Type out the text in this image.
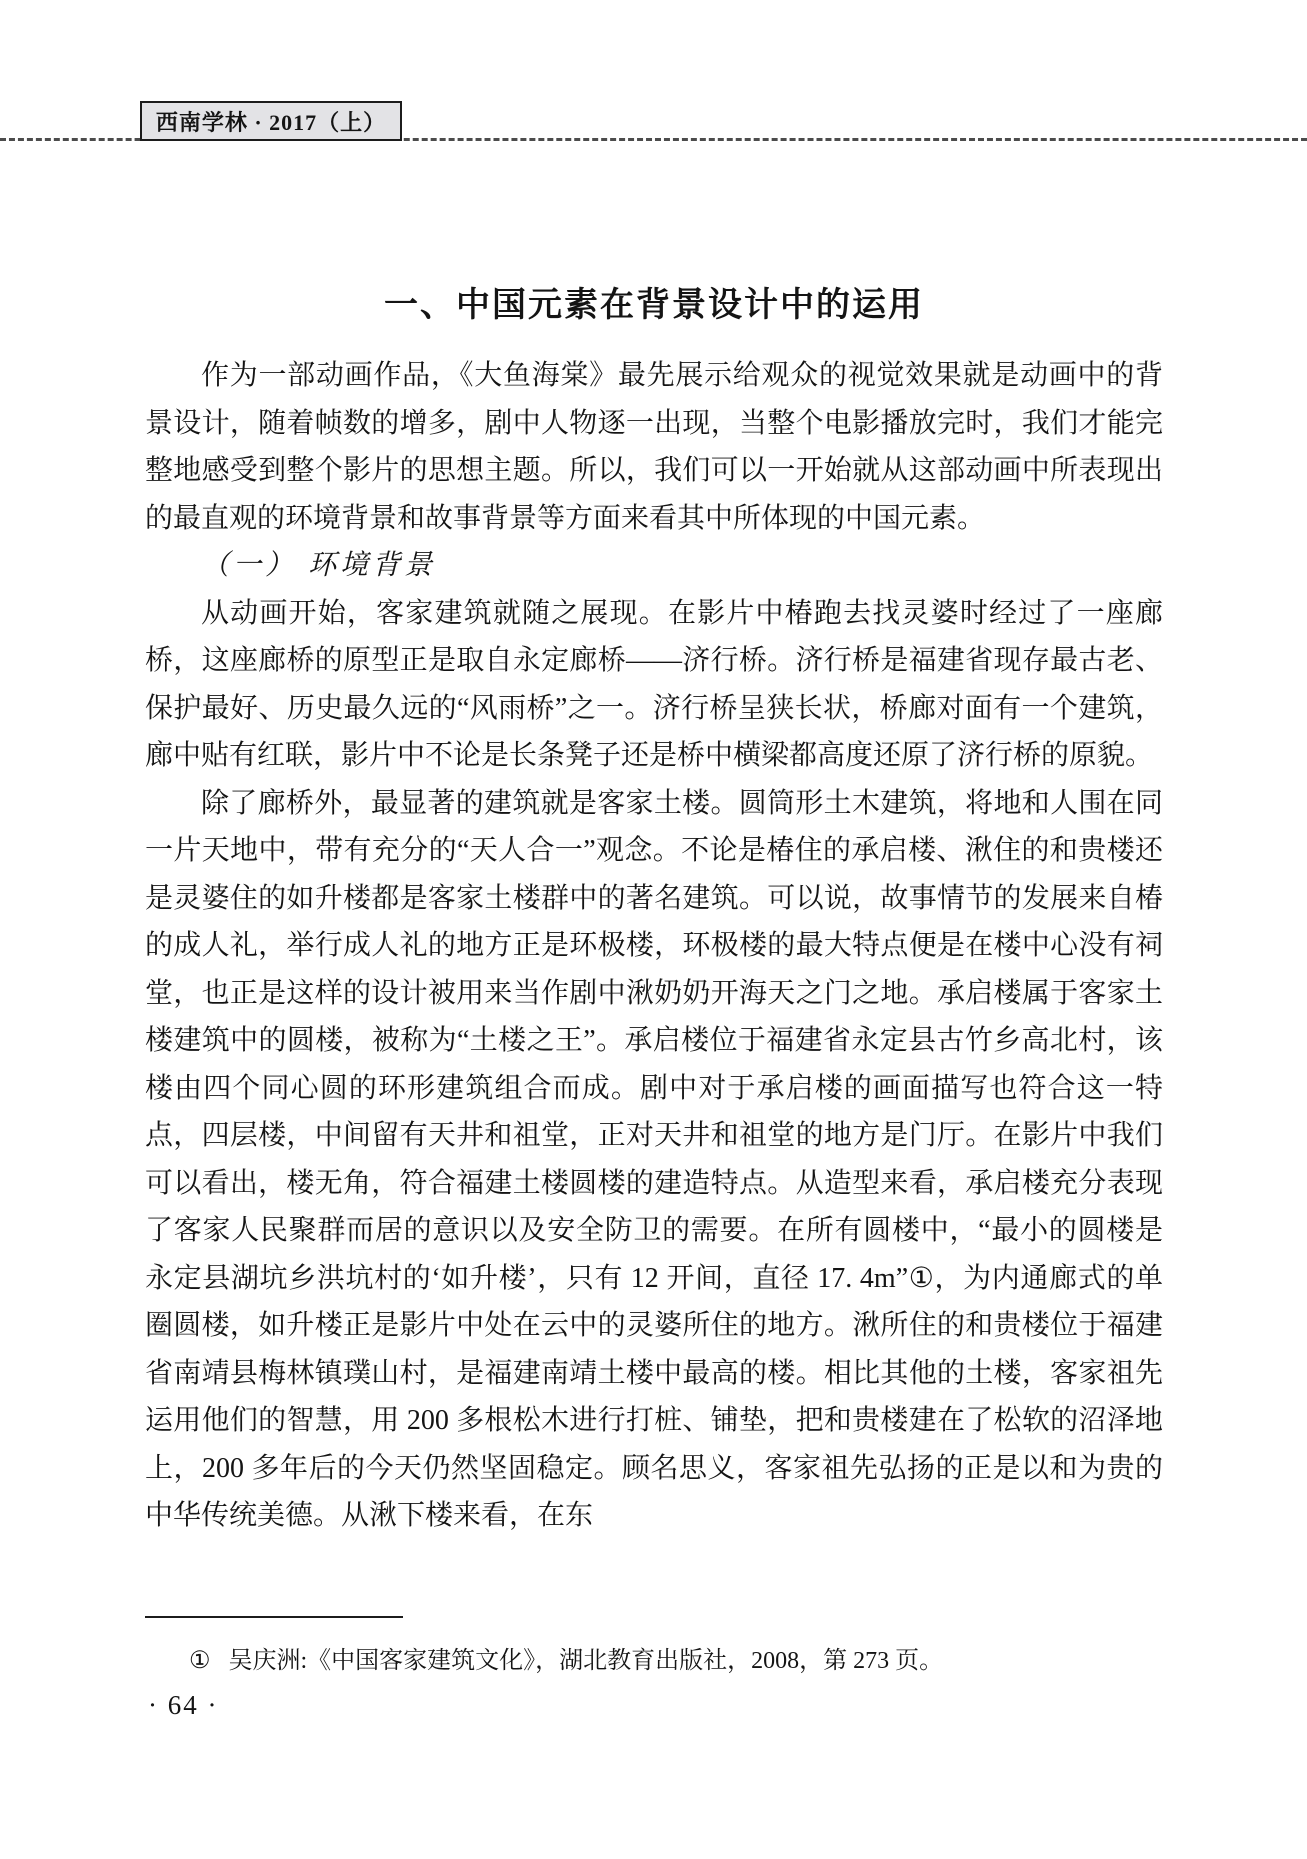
西南学林 · 2017（上）
一、中国元素在背景设计中的运用

作为一部动画作品，《大鱼海棠》最先展示给观众的视觉效果就是动画中的背景设计，随着帧数的增多，剧中人物逐一出现，当整个电影播放完时，我们才能完整地感受到整个影片的思想主题。所以，我们可以一开始就从这部动画中所表现出的最直观的环境背景和故事背景等方面来看其中所体现的中国元素。

（一） 环境背景

从动画开始，客家建筑就随之展现。在影片中椿跑去找灵婆时经过了一座廊桥，这座廊桥的原型正是取自永定廊桥——济行桥。济行桥是福建省现存最古老、保护最好、历史最久远的“风雨桥”之一。济行桥呈狭长状，桥廊对面有一个建筑，廊中贴有红联，影片中不论是长条凳子还是桥中横梁都高度还原了济行桥的原貌。

除了廊桥外，最显著的建筑就是客家土楼。圆筒形土木建筑，将地和人围在同一片天地中，带有充分的“天人合一”观念。不论是椿住的承启楼、湫住的和贵楼还是灵婆住的如升楼都是客家土楼群中的著名建筑。可以说，故事情节的发展来自椿的成人礼，举行成人礼的地方正是环极楼，环极楼的最大特点便是在楼中心没有祠堂，也正是这样的设计被用来当作剧中湫奶奶开海天之门之地。承启楼属于客家土楼建筑中的圆楼，被称为“土楼之王”。承启楼位于福建省永定县古竹乡高北村，该楼由四个同心圆的环形建筑组合而成。剧中对于承启楼的画面描写也符合这一特点，四层楼，中间留有天井和祖堂，正对天井和祖堂的地方是门厅。在影片中我们可以看出，楼无角，符合福建土楼圆楼的建造特点。从造型来看，承启楼充分表现了客家人民聚群而居的意识以及安全防卫的需要。在所有圆楼中，“最小的圆楼是永定县湖坑乡洪坑村的‘如升楼’，只有 12 开间，直径 17. 4m”①，为内通廊式的单圈圆楼，如升楼正是影片中处在云中的灵婆所住的地方。湫所住的和贵楼位于福建省南靖县梅林镇璞山村，是福建南靖土楼中最高的楼。相比其他的土楼，客家祖先运用他们的智慧，用 200 多根松木进行打桩、铺垫，把和贵楼建在了松软的沼泽地上，200 多年后的今天仍然坚固稳定。顾名思义，客家祖先弘扬的正是以和为贵的中华传统美德。从湫下楼来看，在东

① 吴庆洲:《中国客家建筑文化》，湖北教育出版社，2008，第 273 页。
· 64 ·
